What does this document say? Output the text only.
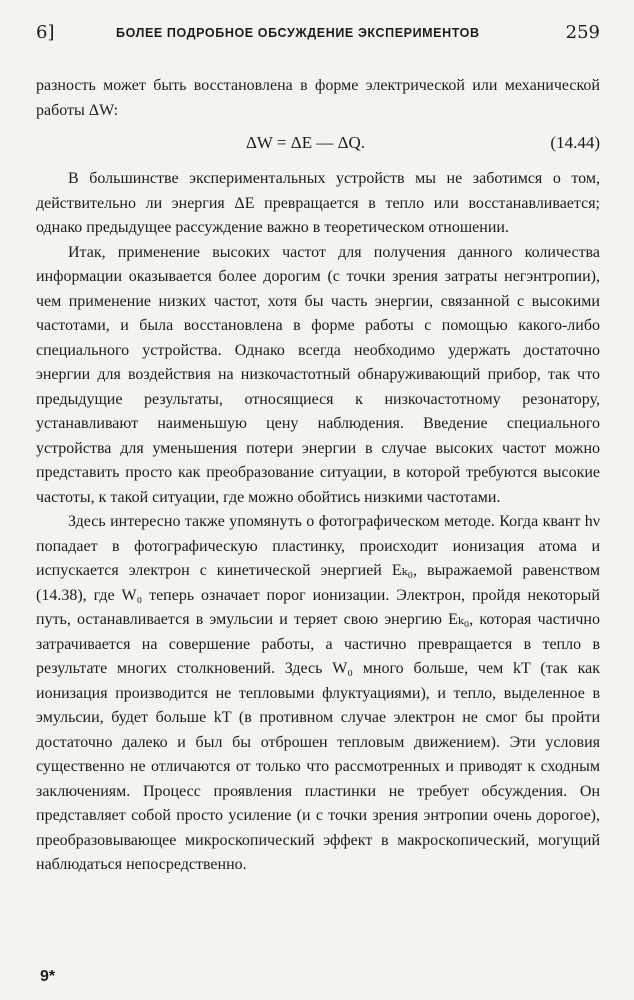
6]	БОЛЕЕ ПОДРОБНОЕ ОБСУЖДЕНИЕ ЭКСПЕРИМЕНТОВ	259

разность может быть восстановлена в форме электрической или механической работы ΔW:

ΔW = ΔE — ΔQ.	(14.44)

В большинстве экспериментальных устройств мы не заботимся о том, действительно ли энергия ΔE превращается в тепло или восстанавливается; однако предыдущее рассуждение важно в теоретическом отношении.

Итак, применение высоких частот для получения данного количества информации оказывается более дорогим (с точки зрения затраты негэнтропии), чем применение низких частот, хотя бы часть энергии, связанной с высокими частотами, и была восстановлена в форме работы с помощью какого-либо специального устройства. Однако всегда необходимо удержать достаточно энергии для воздействия на низкочастотный обнаруживающий прибор, так что предыдущие результаты, относящиеся к низкочастотному резонатору, устанавливают наименьшую цену наблюдения. Введение специального устройства для уменьшения потери энергии в случае высоких частот можно представить просто как преобразование ситуации, в которой требуются высокие частоты, к такой ситуации, где можно обойтись низкими частотами.

Здесь интересно также упомянуть о фотографическом методе. Когда квант hν попадает в фотографическую пластинку, происходит ионизация атома и испускается электрон с кинетической энергией Eₖ₀, выражаемой равенством (14.38), где W₀ теперь означает порог ионизации. Электрон, пройдя некоторый путь, останавливается в эмульсии и теряет свою энергию Eₖ₀, которая частично затрачивается на совершение работы, а частично превращается в тепло в результате многих столкновений. Здесь W₀ много больше, чем kT (так как ионизация производится не тепловыми флуктуациями), и тепло, выделенное в эмульсии, будет больше kT (в противном случае электрон не смог бы пройти достаточно далеко и был бы отброшен тепловым движением). Эти условия существенно не отличаются от только что рассмотренных и приводят к сходным заключениям. Процесс проявления пластинки не требует обсуждения. Он представляет собой просто усиление (и с точки зрения энтропии очень дорогое), преобразовывающее микроскопический эффект в макроскопический, могущий наблюдаться непосредственно.

9*
